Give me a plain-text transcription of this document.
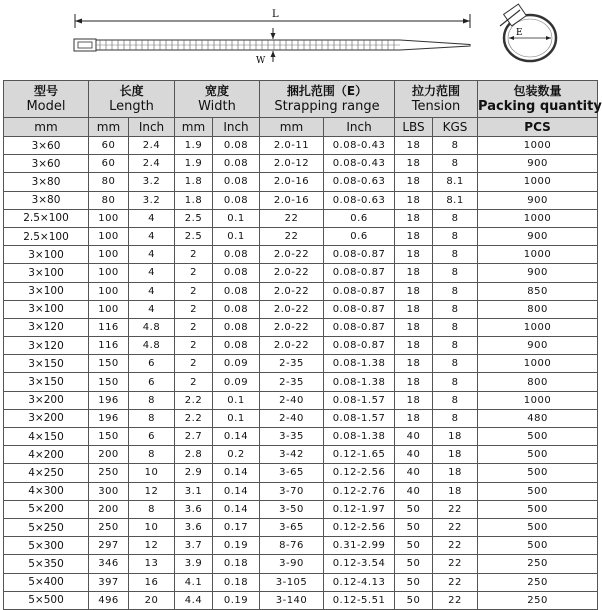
L
W
E
型号
Model	长度
Length		宽度
Width		捆扎范围（E）
Strapping range		拉力范围
Tension		包装数量
Packing quantity

mm	mm	Inch	mm	Inch	mm	Inch	LBS	KGS	PCS
3×60	60	2.4	1.9	0.08	2.0-11	0.08-0.43	18	8	1000
3×60	60	2.4	1.9	0.08	2.0-12	0.08-0.43	18	8	900
3×80	80	3.2	1.8	0.08	2.0-16	0.08-0.63	18	8.1	1000
3×80	80	3.2	1.8	0.08	2.0-16	0.08-0.63	18	8.1	900
2.5×100	100	4	2.5	0.1	22	0.6	18	8	1000
2.5×100	100	4	2.5	0.1	22	0.6	18	8	900
3×100	100	4	2	0.08	2.0-22	0.08-0.87	18	8	1000
3×100	100	4	2	0.08	2.0-22	0.08-0.87	18	8	900
3×100	100	4	2	0.08	2.0-22	0.08-0.87	18	8	850
3×100	100	4	2	0.08	2.0-22	0.08-0.87	18	8	800
3×120	116	4.8	2	0.08	2.0-22	0.08-0.87	18	8	1000
3×120	116	4.8	2	0.08	2.0-22	0.08-0.87	18	8	900
3×150	150	6	2	0.09	2-35	0.08-1.38	18	8	1000
3×150	150	6	2	0.09	2-35	0.08-1.38	18	8	800
3×200	196	8	2.2	0.1	2-40	0.08-1.57	18	8	1000
3×200	196	8	2.2	0.1	2-40	0.08-1.57	18	8	480
4×150	150	6	2.7	0.14	3-35	0.08-1.38	40	18	500
4×200	200	8	2.8	0.2	3-42	0.12-1.65	40	18	500
4×250	250	10	2.9	0.14	3-65	0.12-2.56	40	18	500
4×300	300	12	3.1	0.14	3-70	0.12-2.76	40	18	500
5×200	200	8	3.6	0.14	3-50	0.12-1.97	50	22	500
5×250	250	10	3.6	0.17	3-65	0.12-2.56	50	22	500
5×300	297	12	3.7	0.19	8-76	0.31-2.99	50	22	500
5×350	346	13	3.9	0.18	3-90	0.12-3.54	50	22	250
5×400	397	16	4.1	0.18	3-105	0.12-4.13	50	22	250
5×500	496	20	4.4	0.19	3-140	0.12-5.51	50	22	250
